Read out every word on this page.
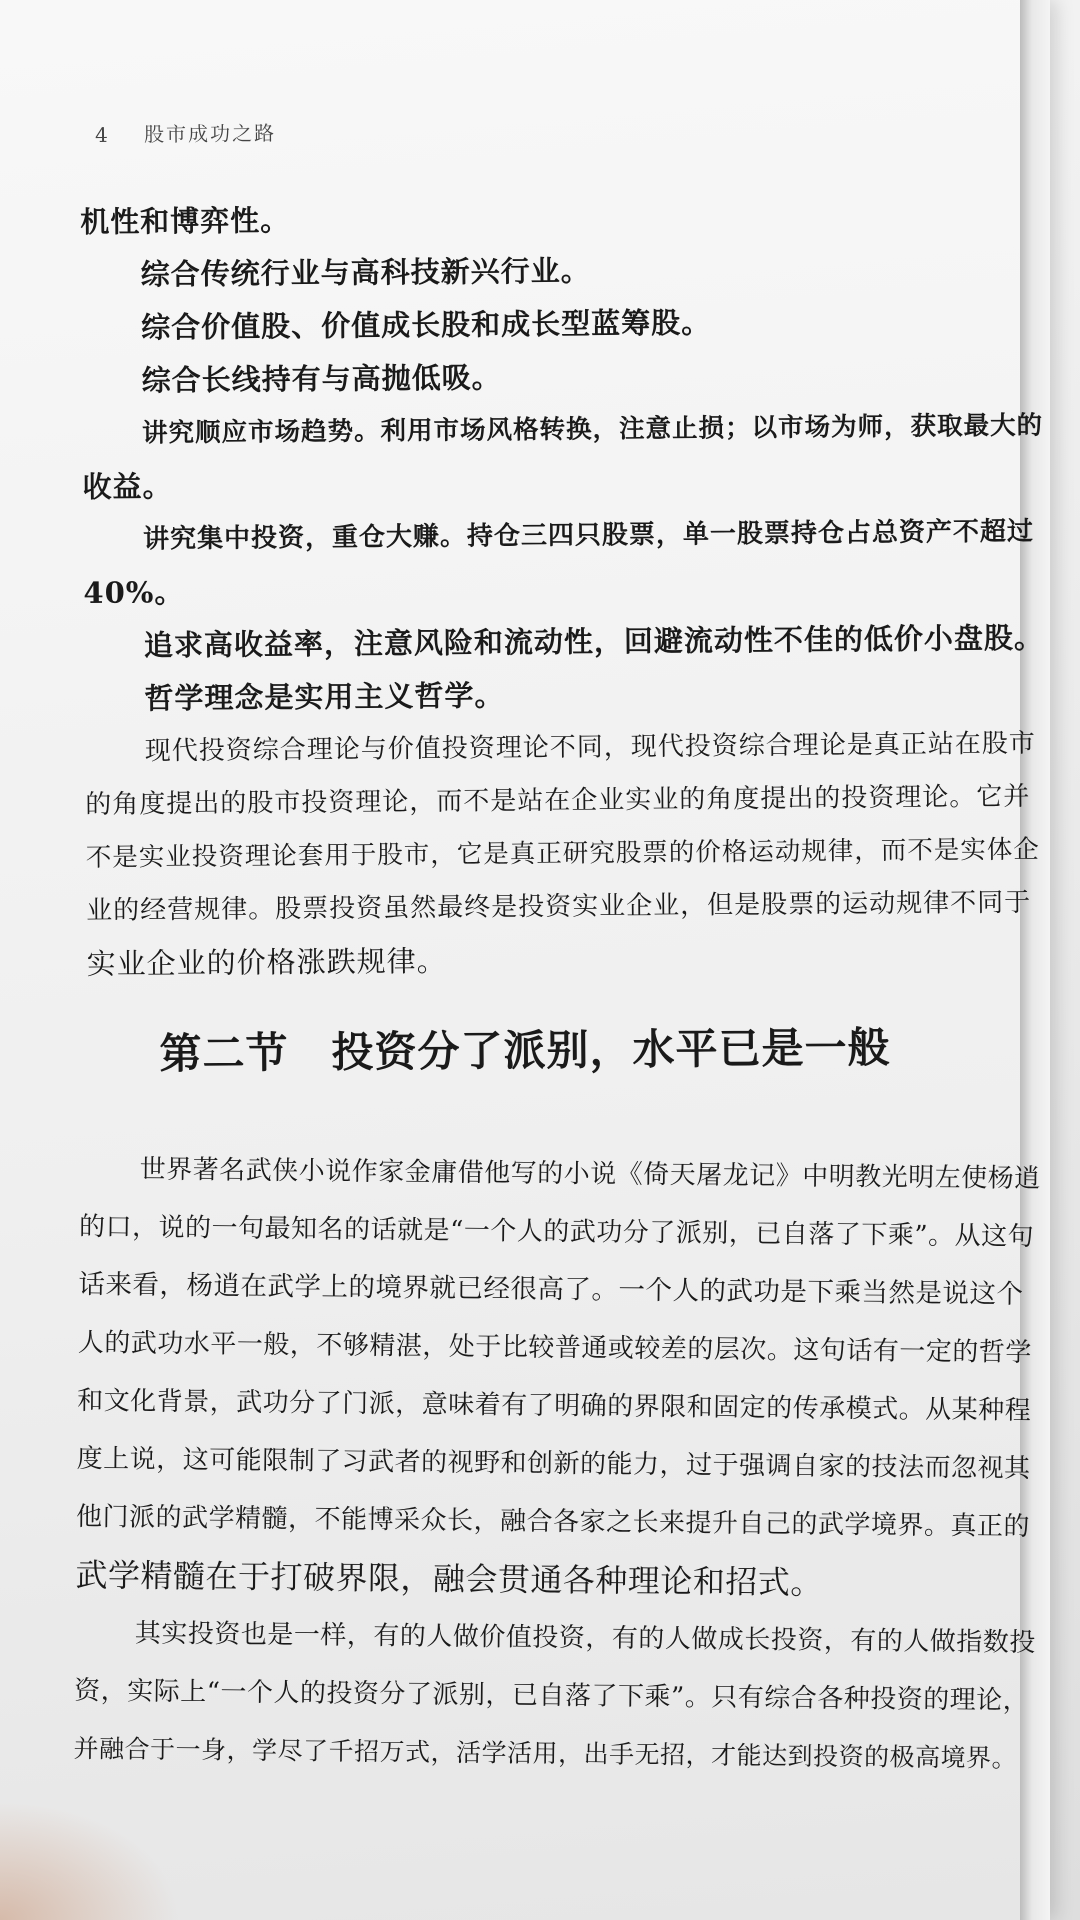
4 股市成功之路

机性和博弈性。

综合传统行业与高科技新兴行业。

综合价值股、价值成长股和成长型蓝筹股。

综合长线持有与高抛低吸。

讲究顺应市场趋势。利用市场风格转换，注意止损；以市场为师，获取最大的

收益。

讲究集中投资，重仓大赚。持仓三四只股票，单一股票持仓占总资产不超过

40%。

追求高收益率，注意风险和流动性，回避流动性不佳的低价小盘股。

哲学理念是实用主义哲学。

现代投资综合理论与价值投资理论不同，现代投资综合理论是真正站在股市

的角度提出的股市投资理论，而不是站在企业实业的角度提出的投资理论。它并

不是实业投资理论套用于股市，它是真正研究股票的价格运动规律，而不是实体企

业的经营规律。股票投资虽然最终是投资实业企业，但是股票的运动规律不同于

实业企业的价格涨跌规律。

第二节　投资分了派别，水平已是一般

世界著名武侠小说作家金庸借他写的小说《倚天屠龙记》中明教光明左使杨逍

的口，说的一句最知名的话就是“一个人的武功分了派别，已自落了下乘”。从这句

话来看，杨逍在武学上的境界就已经很高了。一个人的武功是下乘当然是说这个

人的武功水平一般，不够精湛，处于比较普通或较差的层次。这句话有一定的哲学

和文化背景，武功分了门派，意味着有了明确的界限和固定的传承模式。从某种程

度上说，这可能限制了习武者的视野和创新的能力，过于强调自家的技法而忽视其

他门派的武学精髓，不能博采众长，融合各家之长来提升自己的武学境界。真正的

武学精髓在于打破界限，融会贯通各种理论和招式。

其实投资也是一样，有的人做价值投资，有的人做成长投资，有的人做指数投

资，实际上“一个人的投资分了派别，已自落了下乘”。只有综合各种投资的理论，

并融合于一身，学尽了千招万式，活学活用，出手无招，才能达到投资的极高境界。
